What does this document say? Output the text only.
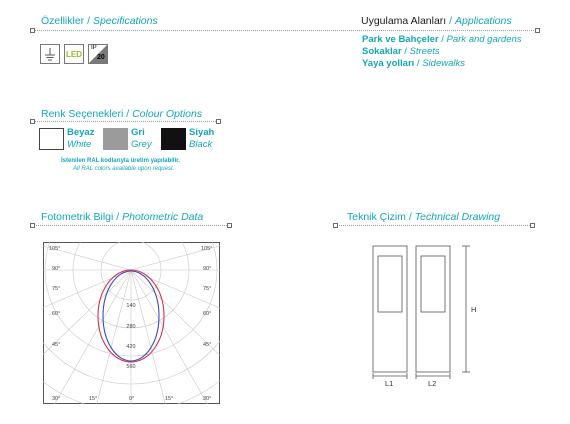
Özellikler / Specifications
LED
IP
20
Uygulama Alanları / Applications
Park ve Bahçeler / Park and gardens
Sokaklar / Streets
Yaya yolları / Sidewalks
Renk Seçenekleri / Colour Options
Beyaz
White
Gri
Grey
Siyah
Black
İstenilen RAL kodlarıyla üretim yapılabilir.
All RAL colors available upon request.
Fotometrik Bilgi / Photometric Data
105°
90°
75°
60°
45°
105°
90°
75°
60°
45°
30°	15°	0°	15°	30°
140
280
420
560
Teknik Çizim / Technical Drawing
H
L1	L2
